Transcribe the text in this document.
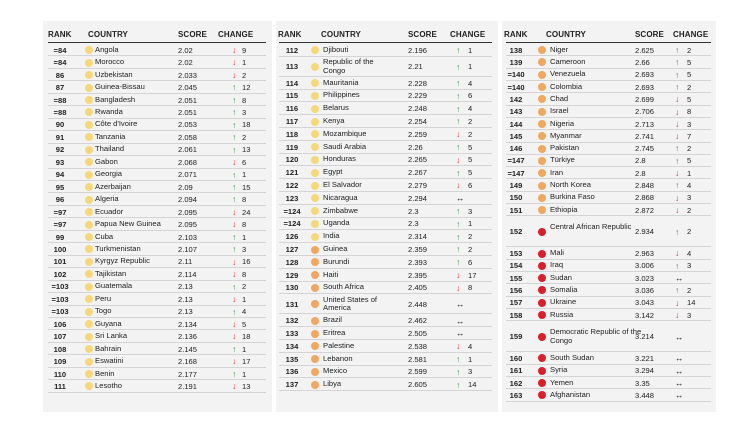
RANK COUNTRY	SCORE CHANGE	RANK COUNTRY	SCORE CHANGE RANK COUNTRY	SCORE CHANGE
=84	Angola	2.02	↓ 9
=84	Morocco	2.02	↓ 1
86	Uzbekistan	2.033	↓ 2
87	Guinea-Bissau	2.045	↑ 12
=88	Bangladesh	2.051	↑ 8
=88	Rwanda	2.051	↑ 3
90	Côte d'Ivoire	2.053	↑ 18
91	Tanzania	2.058	↑ 2
92	Thailand	2.061	↑ 13
93	Gabon	2.068	↓ 6
94	Georgia	2.071	↑ 1
95	Azerbaijan	2.09	↑ 15
96	Algeria	2.094	↑ 8
=97	Ecuador	2.095	↓ 24
=97	Papua New Guinea 2.095	↓ 8
99	Cuba	2.103	↑ 1
100	Turkmenistan	2.107	↑ 3
101	Kyrgyz Republic	2.11	↓ 16
102	Tajikistan	2.114	↓ 8
=103	Guatemala	2.13	↑ 2
=103	Peru	2.13	↓ 1
=103	Togo	2.13	↑ 4
106	Guyana	2.134	↓ 5
107	Sri Lanka	2.136	↓ 18
108	Bahrain	2.145	↑ 1
109	Eswatini	2.168	↓ 17
110	Benin	2.177	↑ 1
111	Lesotho	2.191	↓ 13
112	Djibouti	2.196	↑ 1
113
Republic of the Congo	2.21	↑ 1
114	Mauritania	2.228	↑ 4
115	Philippines	2.229	↑ 6
116	Belarus	2.248	↑ 4
117	Kenya	2.254	↑ 2
118	Mozambique	2.259	↓ 2
119	Saudi Arabia	2.26	↑ 5
120	Honduras	2.265	↓ 5
121	Egypt	2.267	↑ 5
122	El Salvador	2.279	↓ 6
123	Nicaragua	2.294	↔
=124	Zimbabwe	2.3	↑ 3
=124	Uganda	2.3	↑ 1
126	India	2.314	↑ 2
127	Guinea	2.359	↑ 2
128	Burundi	2.393	↑ 6
129	Haiti	2.395	↓ 17
130	South Africa	2.405	↓ 8
131
United States of America	2.448	↔
132	Brazil	2.462	↔
133	Eritrea	2.505	↔
134	Palestine	2.538	↓ 4
135	Lebanon	2.581	↑ 1
136	Mexico	2.599	↑ 3
137	Libya	2.605	↑ 14
138	Niger	2.625 ↑ 2
139	Cameroon	2.66	↑ 5
=140	Venezuela	2.693 ↑ 5
=140	Colombia	2.693 ↑ 2
142	Chad	2.699 ↓ 5
143	Israel	2.706 ↓ 8
144	Nigeria	2.713 ↓ 3
145	Myanmar	2.741 ↓ 7
146	Pakistan	2.745 ↑ 2
=147	Türkiye	2.8	↑ 5
=147	Iran	2.8	↓ 1
149	North Korea	2.848 ↑ 4
150	Burkina Faso	2.868 ↓ 3
151	Ethiopia	2.872 ↓ 2
152
Central African Republic
2.934 ↑ 2
153	Mali	2.963 ↓ 4
154	Iraq	3.006 ↑ 3
155	Sudan	3.023 ↔
156	Somalia	3.036 ↑ 2
157	Ukraine	3.043 ↓ 14
158	Russia	3.142 ↓ 3
159
Democratic Republic of the Congo	3.214 ↔
160	South Sudan	3.221 ↔
161	Syria	3.294 ↔
162	Yemen	3.35	↔
163	Afghanistan	3.448 ↔
